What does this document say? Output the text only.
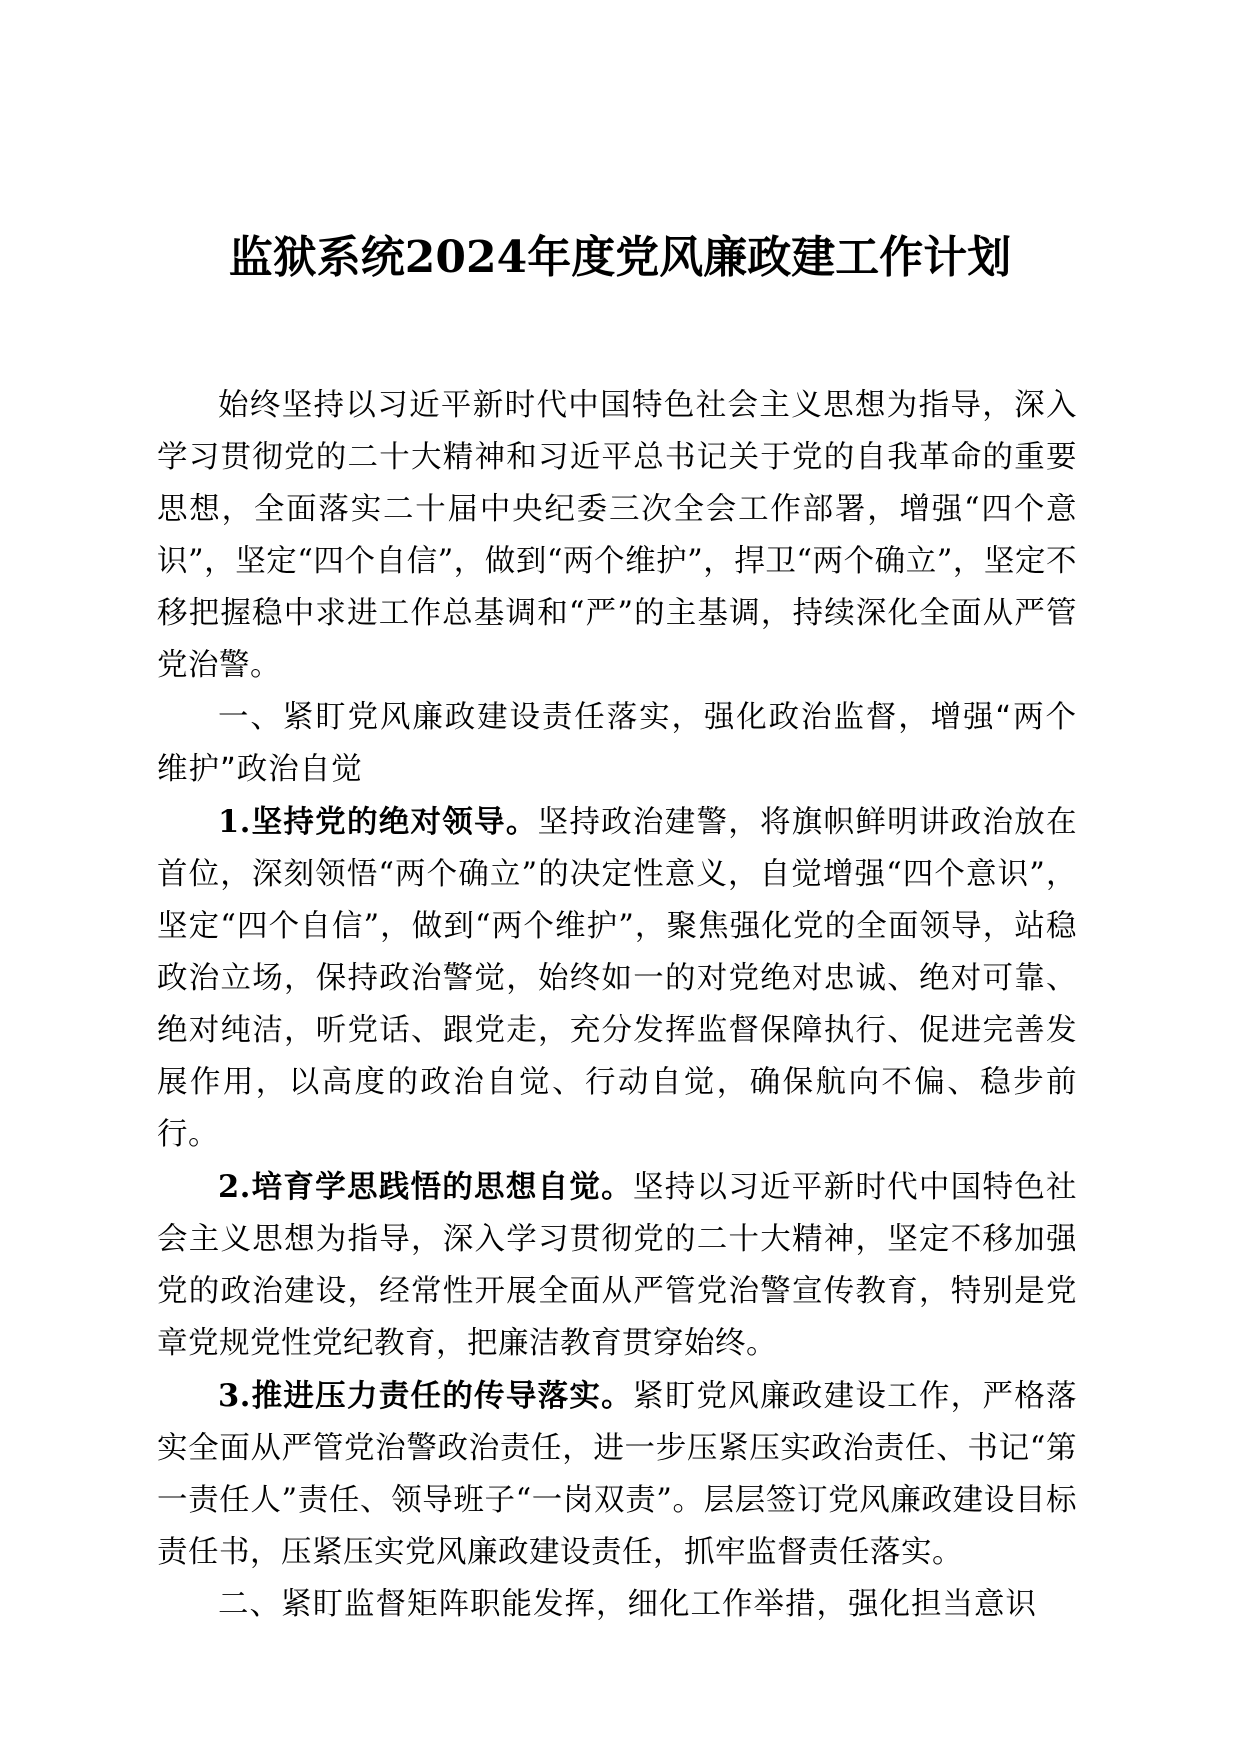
监狱系统2024年度党风廉政建工作计划

始终坚持以习近平新时代中国特色社会主义思想为指导，深入学习贯彻党的二十大精神和习近平总书记关于党的自我革命的重要思想，全面落实二十届中央纪委三次全会工作部署，增强“四个意识”，坚定“四个自信”，做到“两个维护”，捍卫“两个确立”，坚定不移把握稳中求进工作总基调和“严”的主基调，持续深化全面从严管党治警。

一、紧盯党风廉政建设责任落实，强化政治监督，增强“两个维护”政治自觉

1.坚持党的绝对领导。坚持政治建警，将旗帜鲜明讲政治放在首位，深刻领悟“两个确立”的决定性意义，自觉增强“四个意识”，坚定“四个自信”，做到“两个维护”，聚焦强化党的全面领导，站稳政治立场，保持政治警觉，始终如一的对党绝对忠诚、绝对可靠、绝对纯洁，听党话、跟党走，充分发挥监督保障执行、促进完善发展作用，以高度的政治自觉、行动自觉，确保航向不偏、稳步前行。

2.培育学思践悟的思想自觉。坚持以习近平新时代中国特色社会主义思想为指导，深入学习贯彻党的二十大精神，坚定不移加强党的政治建设，经常性开展全面从严管党治警宣传教育，特别是党章党规党性党纪教育，把廉洁教育贯穿始终。

3.推进压力责任的传导落实。紧盯党风廉政建设工作，严格落实全面从严管党治警政治责任，进一步压紧压实政治责任、书记“第一责任人”责任、领导班子“一岗双责”。层层签订党风廉政建设目标责任书，压紧压实党风廉政建设责任，抓牢监督责任落实。

二、紧盯监督矩阵职能发挥，细化工作举措，强化担当意识
